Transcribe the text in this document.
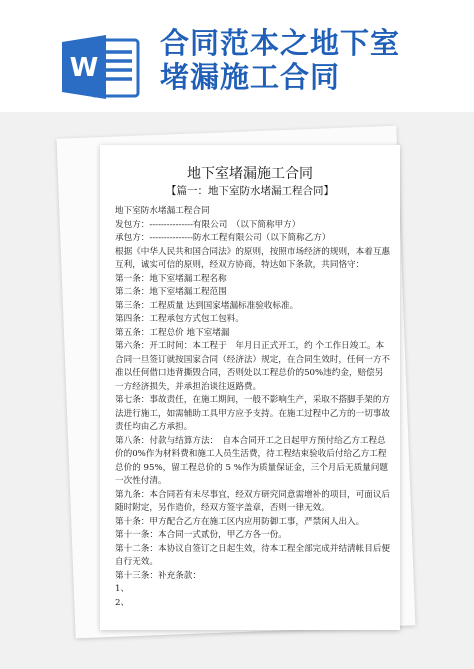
W
合同范本之地下室
堵漏施工合同
地下室堵漏施工合同
【篇一：地下室防水堵漏工程合同】

地下室防水堵漏工程合同

发包方：---------------有限公司　（以下简称甲方）

承包方：---------------防水工程有限公司（以下简称乙方）

根据《中华人民共和国合同法》的原则，按照市场经济的规则，本着互惠互利，诚实可信的原则，经双方协商，特达如下条款，共同恪守：

第一条：地下室堵漏工程名称

第二条：地下室堵漏工程范围

第三条：工程质量 达到国家堵漏标准验收标准。

第四条：工程承包方式包工包料。

第五条：工程总价 地下室堵漏

第六条：开工时间：本工程于　年月日正式开工，约 个工作日竣工。本合同一旦签订就按国家合同（经济法）规定，在合同生效时，任何一方不准以任何借口违背撕毁合同，否则处以工程总价的50%违约金，赔偿另一方经济损失，并承担治谈往返路费。

第七条：事故责任，在施工期间，一般不影响生产，采取不搭脚手架的方法进行施工，如需辅助工具甲方应予支持。在施工过程中乙方的一切事故责任均由乙方承担。

第八条：付款与结算方法：　自本合同开工之日起甲方预付给乙方工程总价的0%作为材料费和施工人员生活费，待工程结束验收后付给乙方工程总价的 95%，留工程总价的 5 %作为质量保证金，三个月后无质量问题一次性付清。

第九条：本合同若有未尽事宜，经双方研究同意需增补的项目，可面议后随时附定，另作造价，经双方签字盖章，否则一律无效。

第十条：甲方配合乙方在施工区内应用防御工事，严禁闲人出入。

第十一条：本合同一式贰份，甲乙方各一份。

第十二条：本协议自签订之日起生效，待本工程全部完成并结清帐目后便自行无效。

第十三条：补充条款：

1、

2、
